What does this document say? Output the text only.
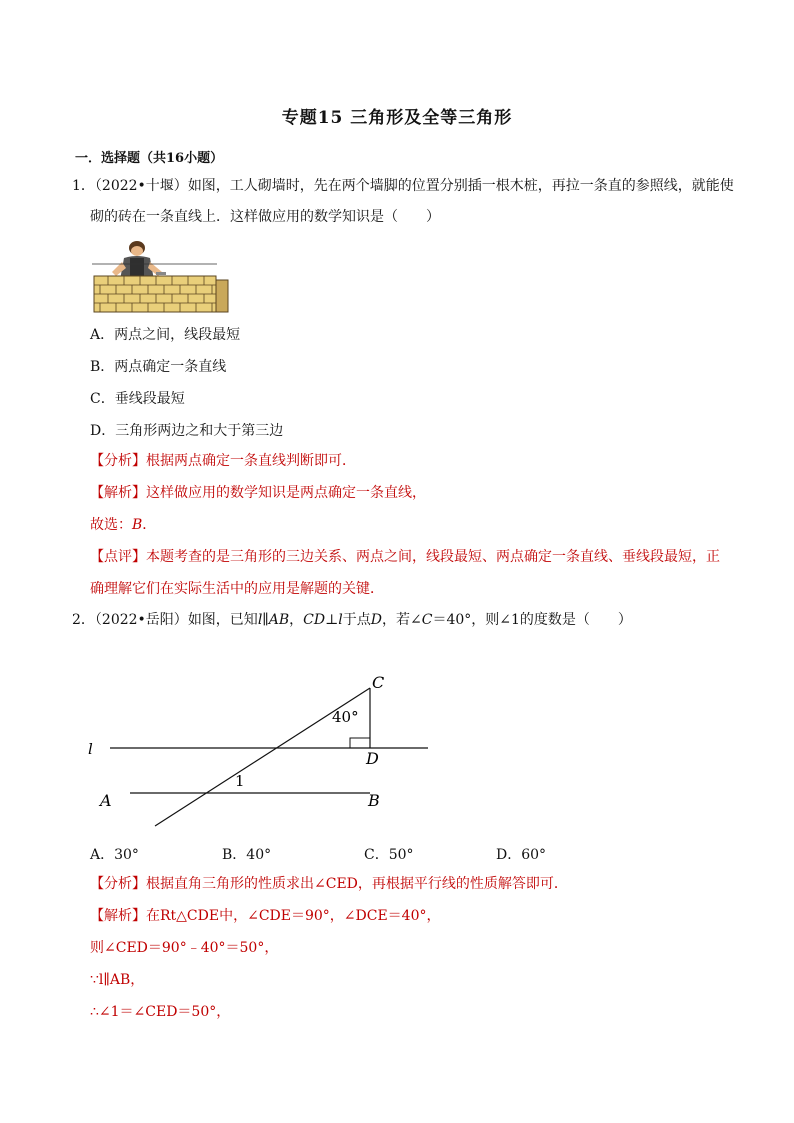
专题15 三角形及全等三角形
一．选择题（共16小题）
1．（2022•十堰）如图，工人砌墙时，先在两个墙脚的位置分别插一根木桩，再拉一条直的参照线，就能使
砌的砖在一条直线上．这样做应用的数学知识是（　　）
A．两点之间，线段最短
B．两点确定一条直线
C．垂线段最短
D．三角形两边之和大于第三边
【分析】根据两点确定一条直线判断即可．
【解析】这样做应用的数学知识是两点确定一条直线，
故选：B．
【点评】本题考查的是三角形的三边关系、两点之间，线段最短、两点确定一条直线、垂线段最短，正
确理解它们在实际生活中的应用是解题的关键．
2．（2022•岳阳）如图，已知l∥AB，CD⊥l于点D，若∠C＝40°，则∠1的度数是（　　）
C
40°
l	D
1
A	B
A．30°	B．40°	C．50°	D．60°
【分析】根据直角三角形的性质求出∠CED，再根据平行线的性质解答即可．
【解析】在Rt△CDE中，∠CDE＝90°，∠DCE＝40°，
则∠CED＝90°﹣40°＝50°，
∵l∥AB，
∴∠1＝∠CED＝50°，
